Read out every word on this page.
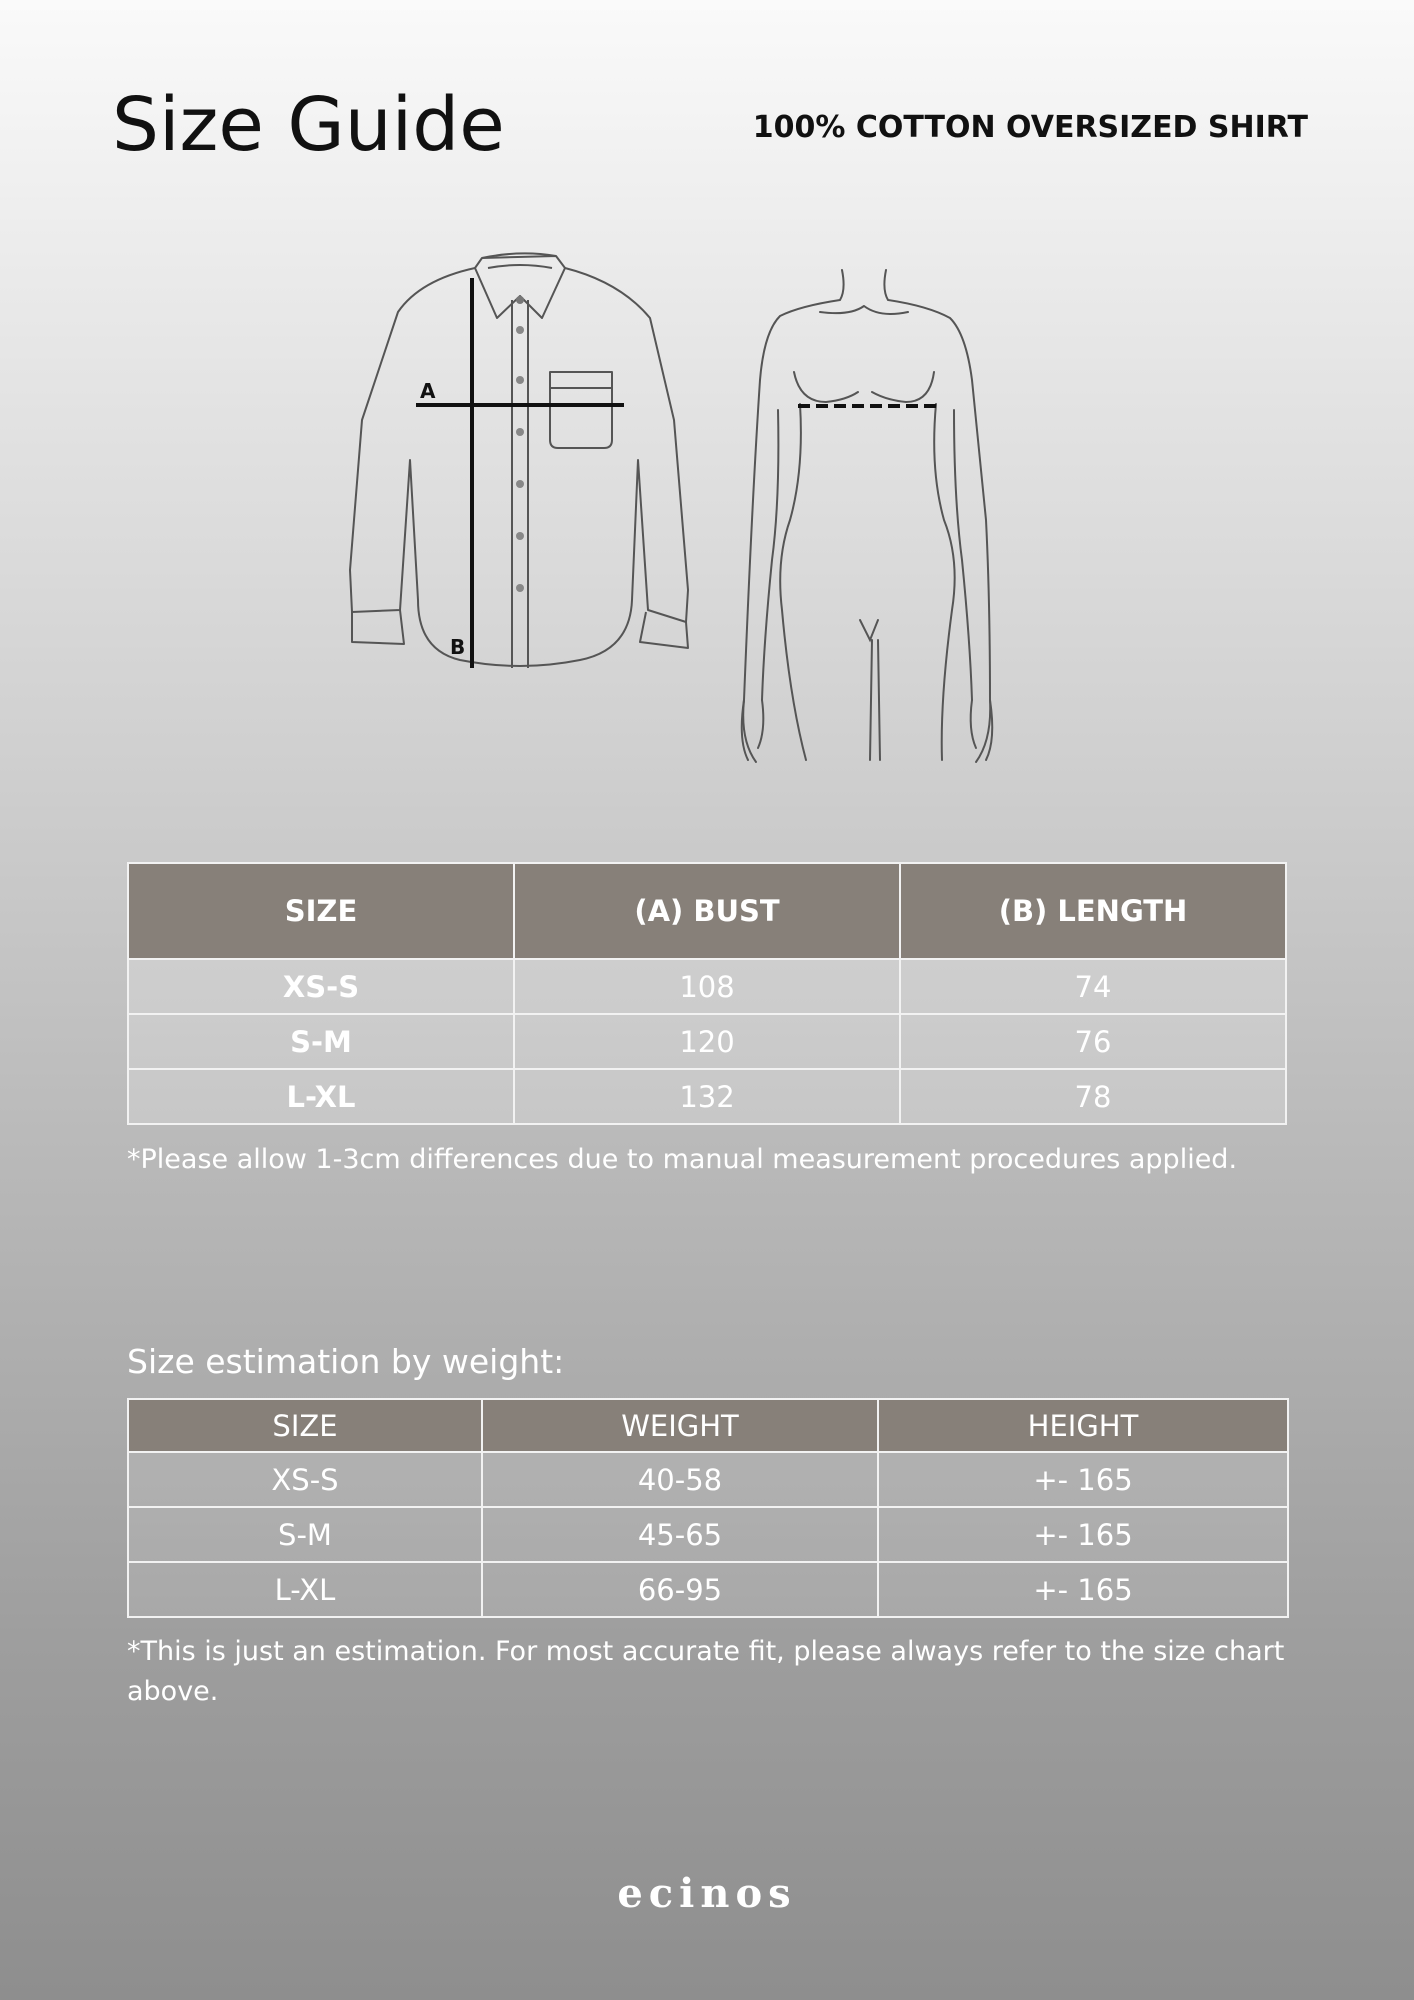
Size Guide	100% COTTON OVERSIZED SHIRT
A
B
SIZE	(A) BUST	(B) LENGTH
XS-S	108	74
S-M	120	76
L-XL	132	78
*Please allow 1-3cm differences due to manual measurement procedures applied.
Size estimation by weight:
SIZE	WEIGHT	HEIGHT
XS-S	40-58	+- 165
S-M	45-65	+- 165
L-XL	66-95	+- 165
*This is just an estimation. For most accurate fit, please always refer to the size chart above.
ecinos
